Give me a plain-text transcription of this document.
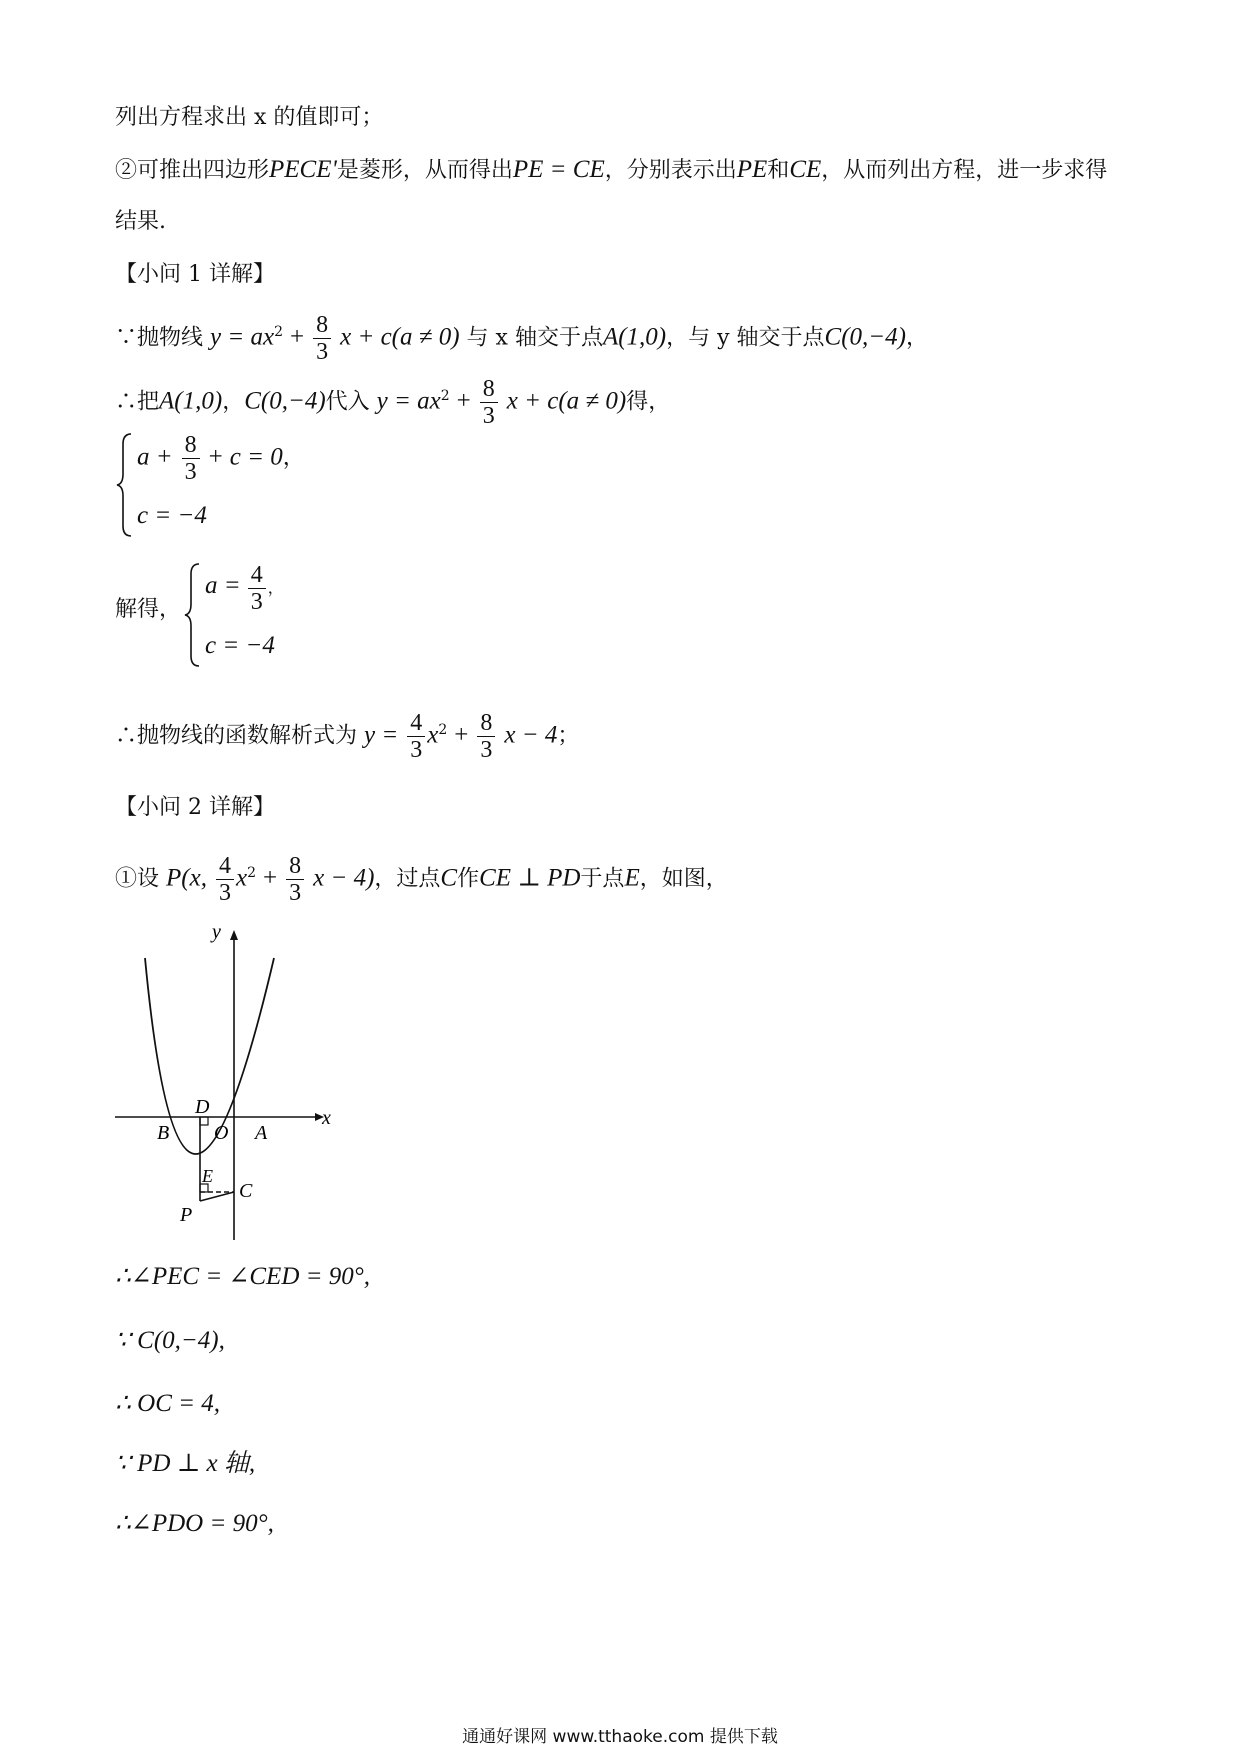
列出方程求出 x 的值即可；
②可推出四边形PECE'是菱形，从而得出PE = CE，分别表示出PE和CE，从而列出方程，进一步求得
结果.
【小问 1 详解】
∵抛物线 $y = ax^2 + \frac{8}{3}$ x + c(a ≠ 0) 与 x 轴交于点A(1,0)，与 y 轴交于点C(0,−4)，
∴把A(1,0)，C(0,−4)代入 $y = ax^2 + \frac{8}{3}$ x + c(a ≠ 0)得，
$a + \frac{8}{3} + c = 0$，
c = −4
解得，
$a = \frac{4}{3}$ ，
c = −4
∴抛物线的函数解析式为 $y = \frac{4}{3} x^2 + \frac{8}{3}$ x − 4；
【小问 2 详解】
①设 P(x, $\frac{4}{3} x^2 + \frac{8}{3}$ x − 4)，过点C作CE ⊥ PD于点E，如图，
y
x
D
B O A
E
C
P
∴∠PEC = ∠CED = 90°,
∵ C(0,−4),
∴ OC = 4,
∵ PD ⊥ x 轴,
∴∠PDO = 90°,
通通好课网 www.tthaoke.com 提供下载
